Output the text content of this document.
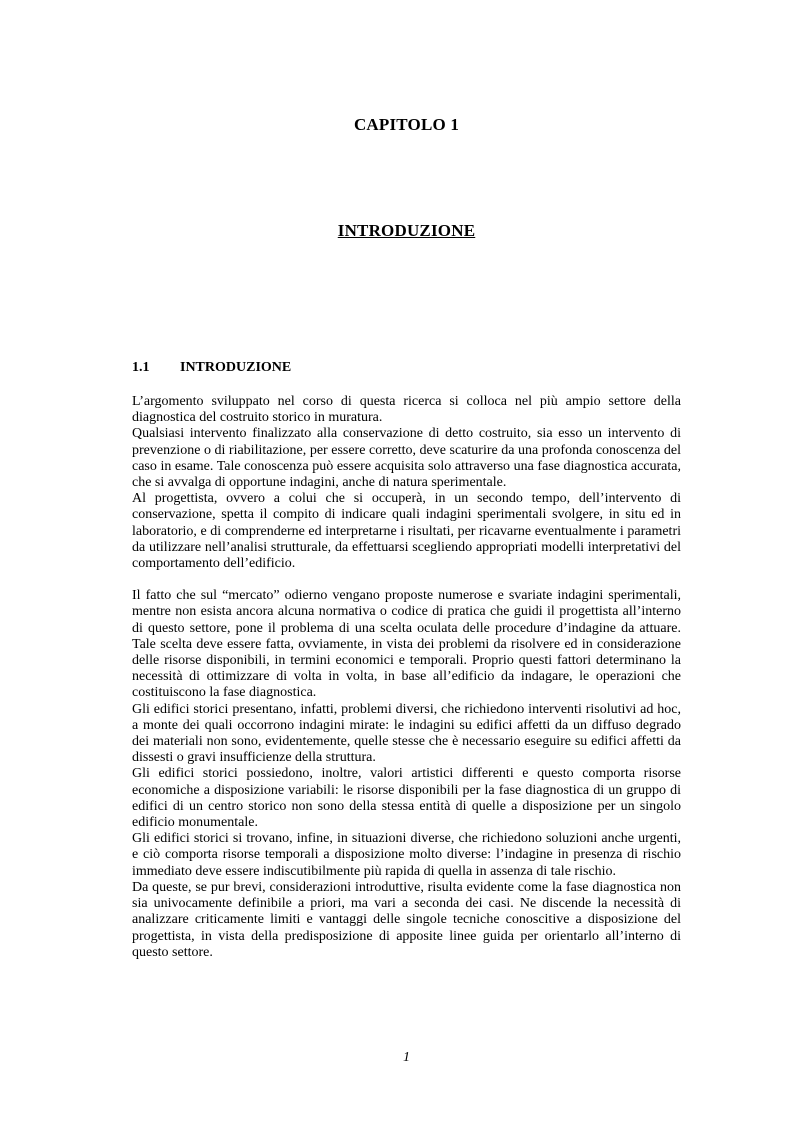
CAPITOLO 1
INTRODUZIONE
1.1 INTRODUZIONE

L’argomento sviluppato nel corso di questa ricerca si colloca nel più ampio settore della diagnostica del costruito storico in muratura.

Qualsiasi intervento finalizzato alla conservazione di detto costruito, sia esso un intervento di prevenzione o di riabilitazione, per essere corretto, deve scaturire da una profonda conoscenza del caso in esame. Tale conoscenza può essere acquisita solo attraverso una fase diagnostica accurata, che si avvalga di opportune indagini, anche di natura sperimentale.

Al progettista, ovvero a colui che si occuperà, in un secondo tempo, dell’intervento di conservazione, spetta il compito di indicare quali indagini sperimentali svolgere, in situ ed in laboratorio, e di comprenderne ed interpretarne i risultati, per ricavarne eventualmente i parametri da utilizzare nell’analisi strutturale, da effettuarsi scegliendo appropriati modelli interpretativi del comportamento dell’edificio.

Il fatto che sul “mercato” odierno vengano proposte numerose e svariate indagini sperimentali, mentre non esista ancora alcuna normativa o codice di pratica che guidi il progettista all’interno di questo settore, pone il problema di una scelta oculata delle procedure d’indagine da attuare. Tale scelta deve essere fatta, ovviamente, in vista dei problemi da risolvere ed in considerazione delle risorse disponibili, in termini economici e temporali. Proprio questi fattori determinano la necessità di ottimizzare di volta in volta, in base all’edificio da indagare, le operazioni che costituiscono la fase diagnostica.

Gli edifici storici presentano, infatti, problemi diversi, che richiedono interventi risolutivi ad hoc, a monte dei quali occorrono indagini mirate: le indagini su edifici affetti da un diffuso degrado dei materiali non sono, evidentemente, quelle stesse che è necessario eseguire su edifici affetti da dissesti o gravi insufficienze della struttura.

Gli edifici storici possiedono, inoltre, valori artistici differenti e questo comporta risorse economiche a disposizione variabili: le risorse disponibili per la fase diagnostica di un gruppo di edifici di un centro storico non sono della stessa entità di quelle a disposizione per un singolo edificio monumentale.

Gli edifici storici si trovano, infine, in situazioni diverse, che richiedono soluzioni anche urgenti, e ciò comporta risorse temporali a disposizione molto diverse: l’indagine in presenza di rischio immediato deve essere indiscutibilmente più rapida di quella in assenza di tale rischio.

Da queste, se pur brevi, considerazioni introduttive, risulta evidente come la fase diagnostica non sia univocamente definibile a priori, ma vari a seconda dei casi. Ne discende la necessità di analizzare criticamente limiti e vantaggi delle singole tecniche conoscitive a disposizione del progettista, in vista della predisposizione di apposite linee guida per orientarlo all’interno di questo settore.

1
